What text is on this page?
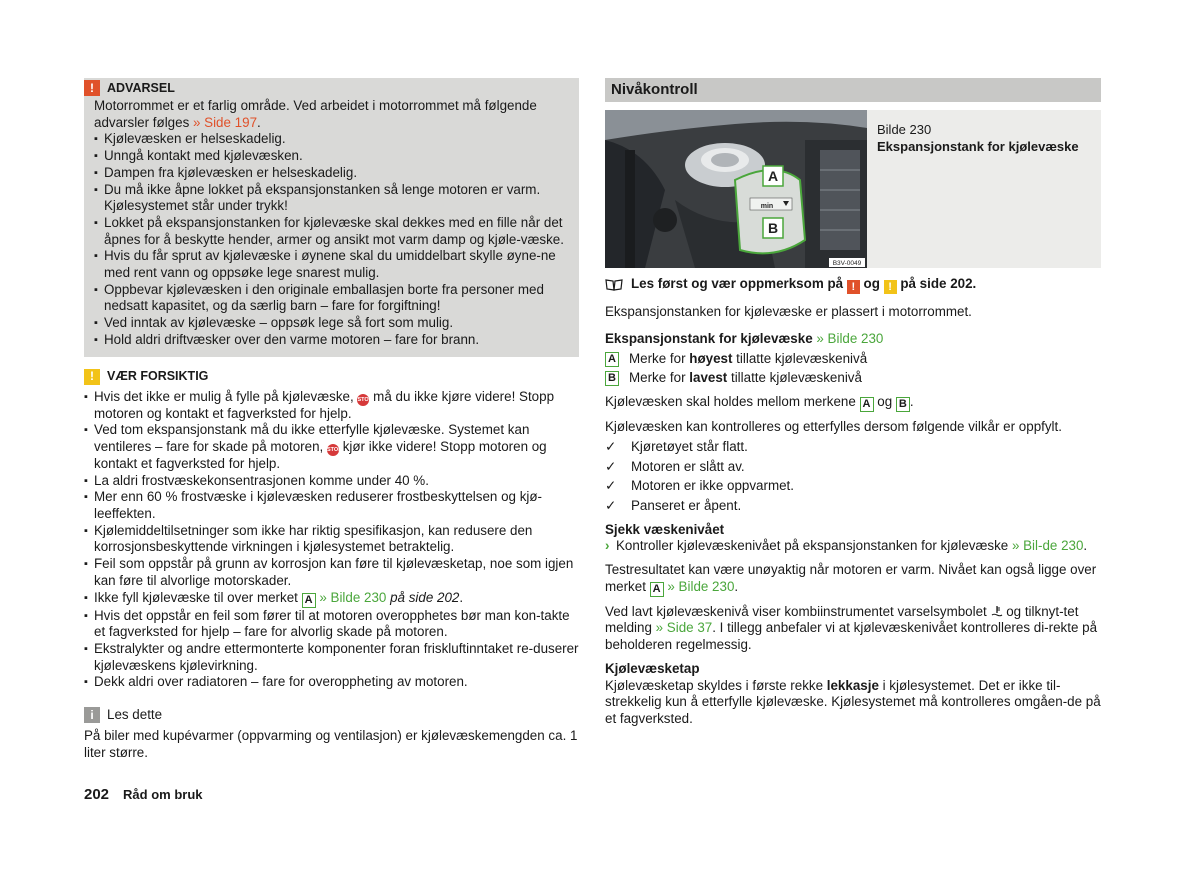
!	ADVARSEL

Motorrommet er et farlig område. Ved arbeidet i motorrommet må følgende advarsler følges » Side 197.

▪ Kjølevæsken er helseskadelig.

▪ Unngå kontakt med kjølevæsken.

▪ Dampen fra kjølevæsken er helseskadelig.

▪ Du må ikke åpne lokket på ekspansjonstanken så lenge motoren er varm. Kjølesystemet står under trykk!

▪ Lokket på ekspansjonstanken for kjølevæske skal dekkes med en fille når det åpnes for å beskytte hender, armer og ansikt mot varm damp og kjøle-væske.

▪ Hvis du får sprut av kjølevæske i øynene skal du umiddelbart skylle øyne-ne med rent vann og oppsøke lege snarest mulig.

▪ Oppbevar kjølevæsken i den originale emballasjen borte fra personer med nedsatt kapasitet, og da særlig barn – fare for forgiftning!

▪ Ved inntak av kjølevæske – oppsøk lege så fort som mulig.

▪ Hold aldri driftvæsker over den varme motoren – fare for brann.

!	VÆR FORSIKTIG

▪ Hvis det ikke er mulig å fylle på kjølevæske, STOP må du ikke kjøre videre! Stopp motoren og kontakt et fagverksted for hjelp.

▪ Ved tom ekspansjonstank må du ikke etterfylle kjølevæske. Systemet kan ventileres – fare for skade på motoren, STOP kjør ikke videre! Stopp motoren og kontakt et fagverksted for hjelp.

▪ La aldri frostvæskekonsentrasjonen komme under 40 %.

▪ Mer enn 60 % frostvæske i kjølevæsken reduserer frostbeskyttelsen og kjø-leeffekten.

▪ Kjølemiddeltilsetninger som ikke har riktig spesifikasjon, kan redusere den korrosjonsbeskyttende virkningen i kjølesystemet betraktelig.

▪ Feil som oppstår på grunn av korrosjon kan føre til kjølevæsketap, noe som igjen kan føre til alvorlige motorskader.

▪ Ikke fyll kjølevæske til over merket A » Bilde 230 på side 202.

▪ Hvis det oppstår en feil som fører til at motoren overopphetes bør man kon-takte et fagverksted for hjelp – fare for alvorlig skade på motoren.

▪ Ekstralykter og andre ettermonterte komponenter foran friskluftinntaket re-duserer kjølevæskens kjølevirkning.

▪ Dekk aldri over radiatoren – fare for overoppheting av motoren.

i Les dette

På biler med kupévarmer (oppvarming og ventilasjon) er kjølevæskemengden ca. 1 liter større.

202 Råd om bruk
Nivåkontroll
min
A
B
B3V-0049

Bilde 230

Ekspansjonstank for kjølevæske

Les først og vær oppmerksom på ! og ! på side 202.

Ekspansjonstanken for kjølevæske er plassert i motorrommet.

Ekspansjonstank for kjølevæske » Bilde 230

A Merke for høyest tillatte kjølevæskenivå
B Merke for lavest tillatte kjølevæskenivå

Kjølevæsken skal holdes mellom merkene A og B .

Kjølevæsken kan kontrolleres og etterfylles dersom følgende vilkår er oppfylt.

✓ Kjøretøyet står flatt.
✓ Motoren er slått av.
✓ Motoren er ikke oppvarmet.
✓ Panseret er åpent.

Sjekk væskenivået

› Kontroller kjølevæskenivået på ekspansjonstanken for kjølevæske » Bil-de 230.

Testresultatet kan være unøyaktig når motoren er varm. Nivået kan også ligge over merket A » Bilde 230.

Ved lavt kjølevæskenivå viser kombiinstrumentet varselsymbolet  og tilknyt-tet melding » Side 37. I tillegg anbefaler vi at kjølevæskenivået kontrolleres di-rekte på beholderen regelmessig.

Kjølevæsketap

Kjølevæsketap skyldes i første rekke lekkasje i kjølesystemet. Det er ikke til-strekkelig kun å etterfylle kjølevæske. Kjølesystemet må kontrolleres omgåen-de på et fagverksted.
